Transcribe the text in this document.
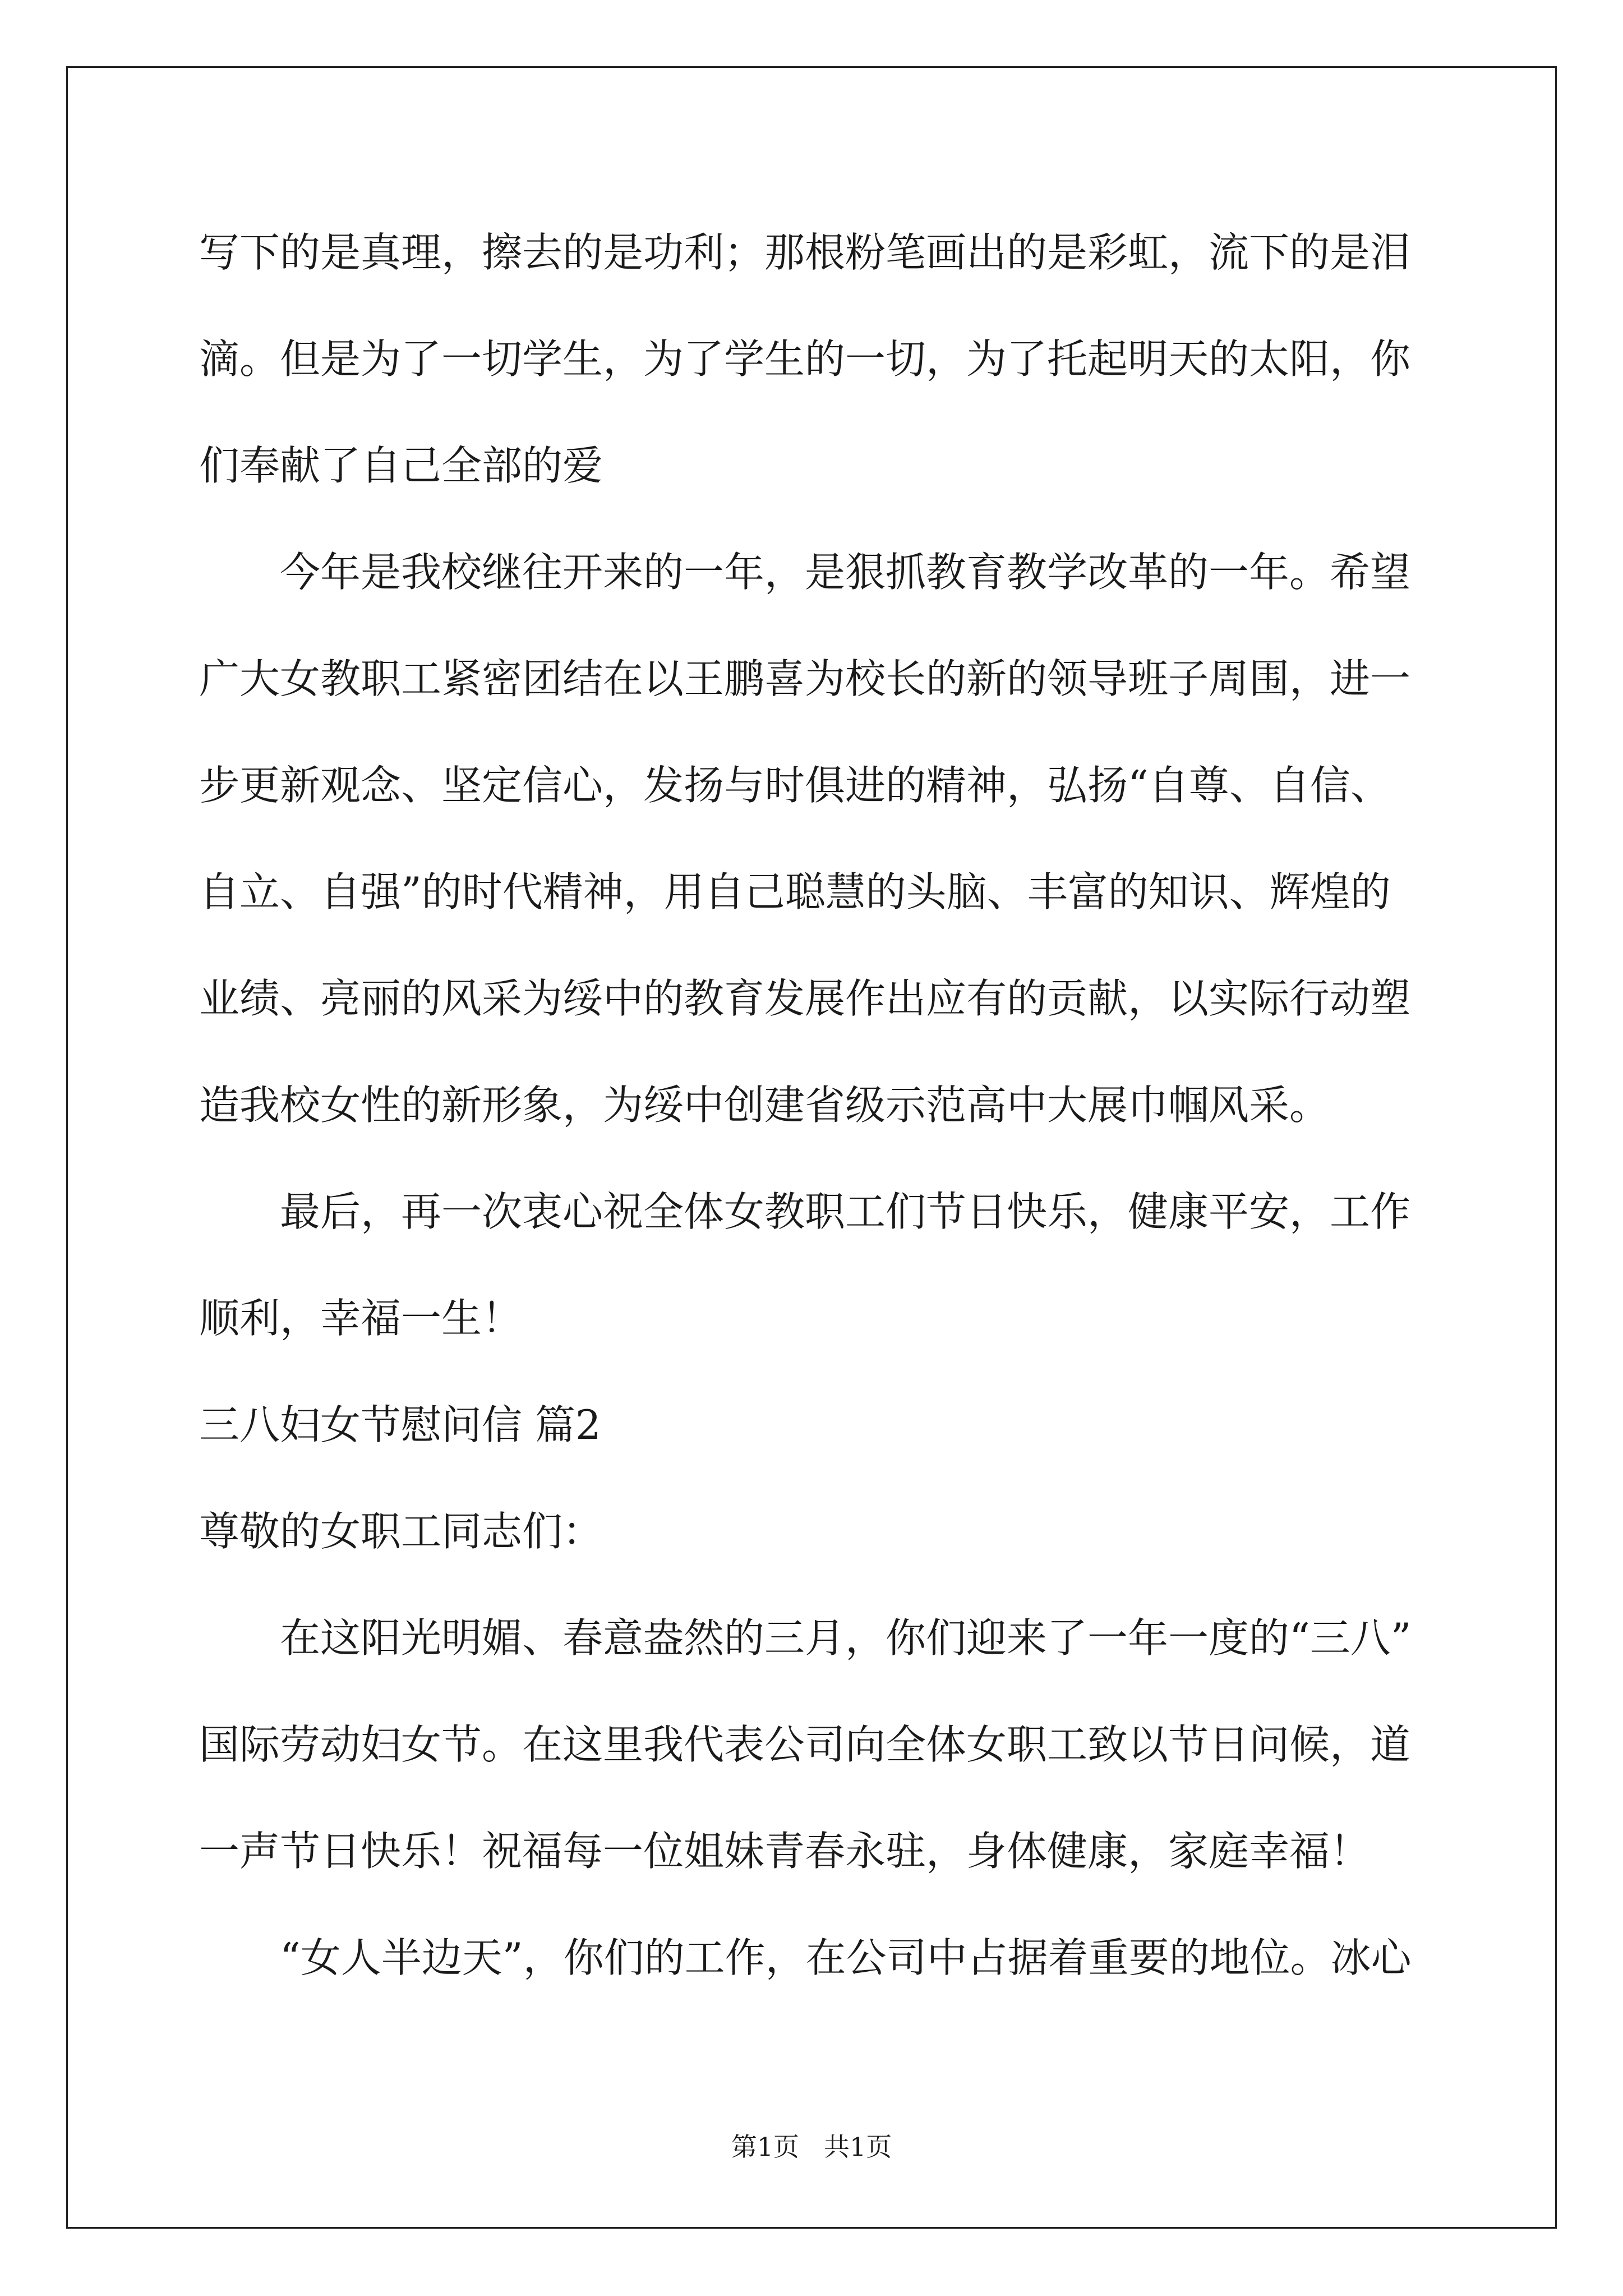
写下的是真理，擦去的是功利；那根粉笔画出的是彩虹，流下的是泪
滴。但是为了一切学生，为了学生的一切，为了托起明天的太阳，你
们奉献了自己全部的爱
今年是我校继往开来的一年，是狠抓教育教学改革的一年。希望
广大女教职工紧密团结在以王鹏喜为校长的新的领导班子周围，进一
步更新观念、坚定信心，发扬与时俱进的精神，弘扬“自尊、自信、
自立、自强”的时代精神，用自己聪慧的头脑、丰富的知识、辉煌的
业绩、亮丽的风采为绥中的教育发展作出应有的贡献，以实际行动塑
造我校女性的新形象，为绥中创建省级示范高中大展巾帼风采。
最后，再一次衷心祝全体女教职工们节日快乐，健康平安，工作
顺利，幸福一生！
三八妇女节慰问信 篇2
尊敬的女职工同志们：
在这阳光明媚、春意盎然的三月，你们迎来了一年一度的“三八”
国际劳动妇女节。在这里我代表公司向全体女职工致以节日问候，道
一声节日快乐！祝福每一位姐妹青春永驻，身体健康，家庭幸福！
“女人半边天”，你们的工作，在公司中占据着重要的地位。冰心
第1页 共1页
